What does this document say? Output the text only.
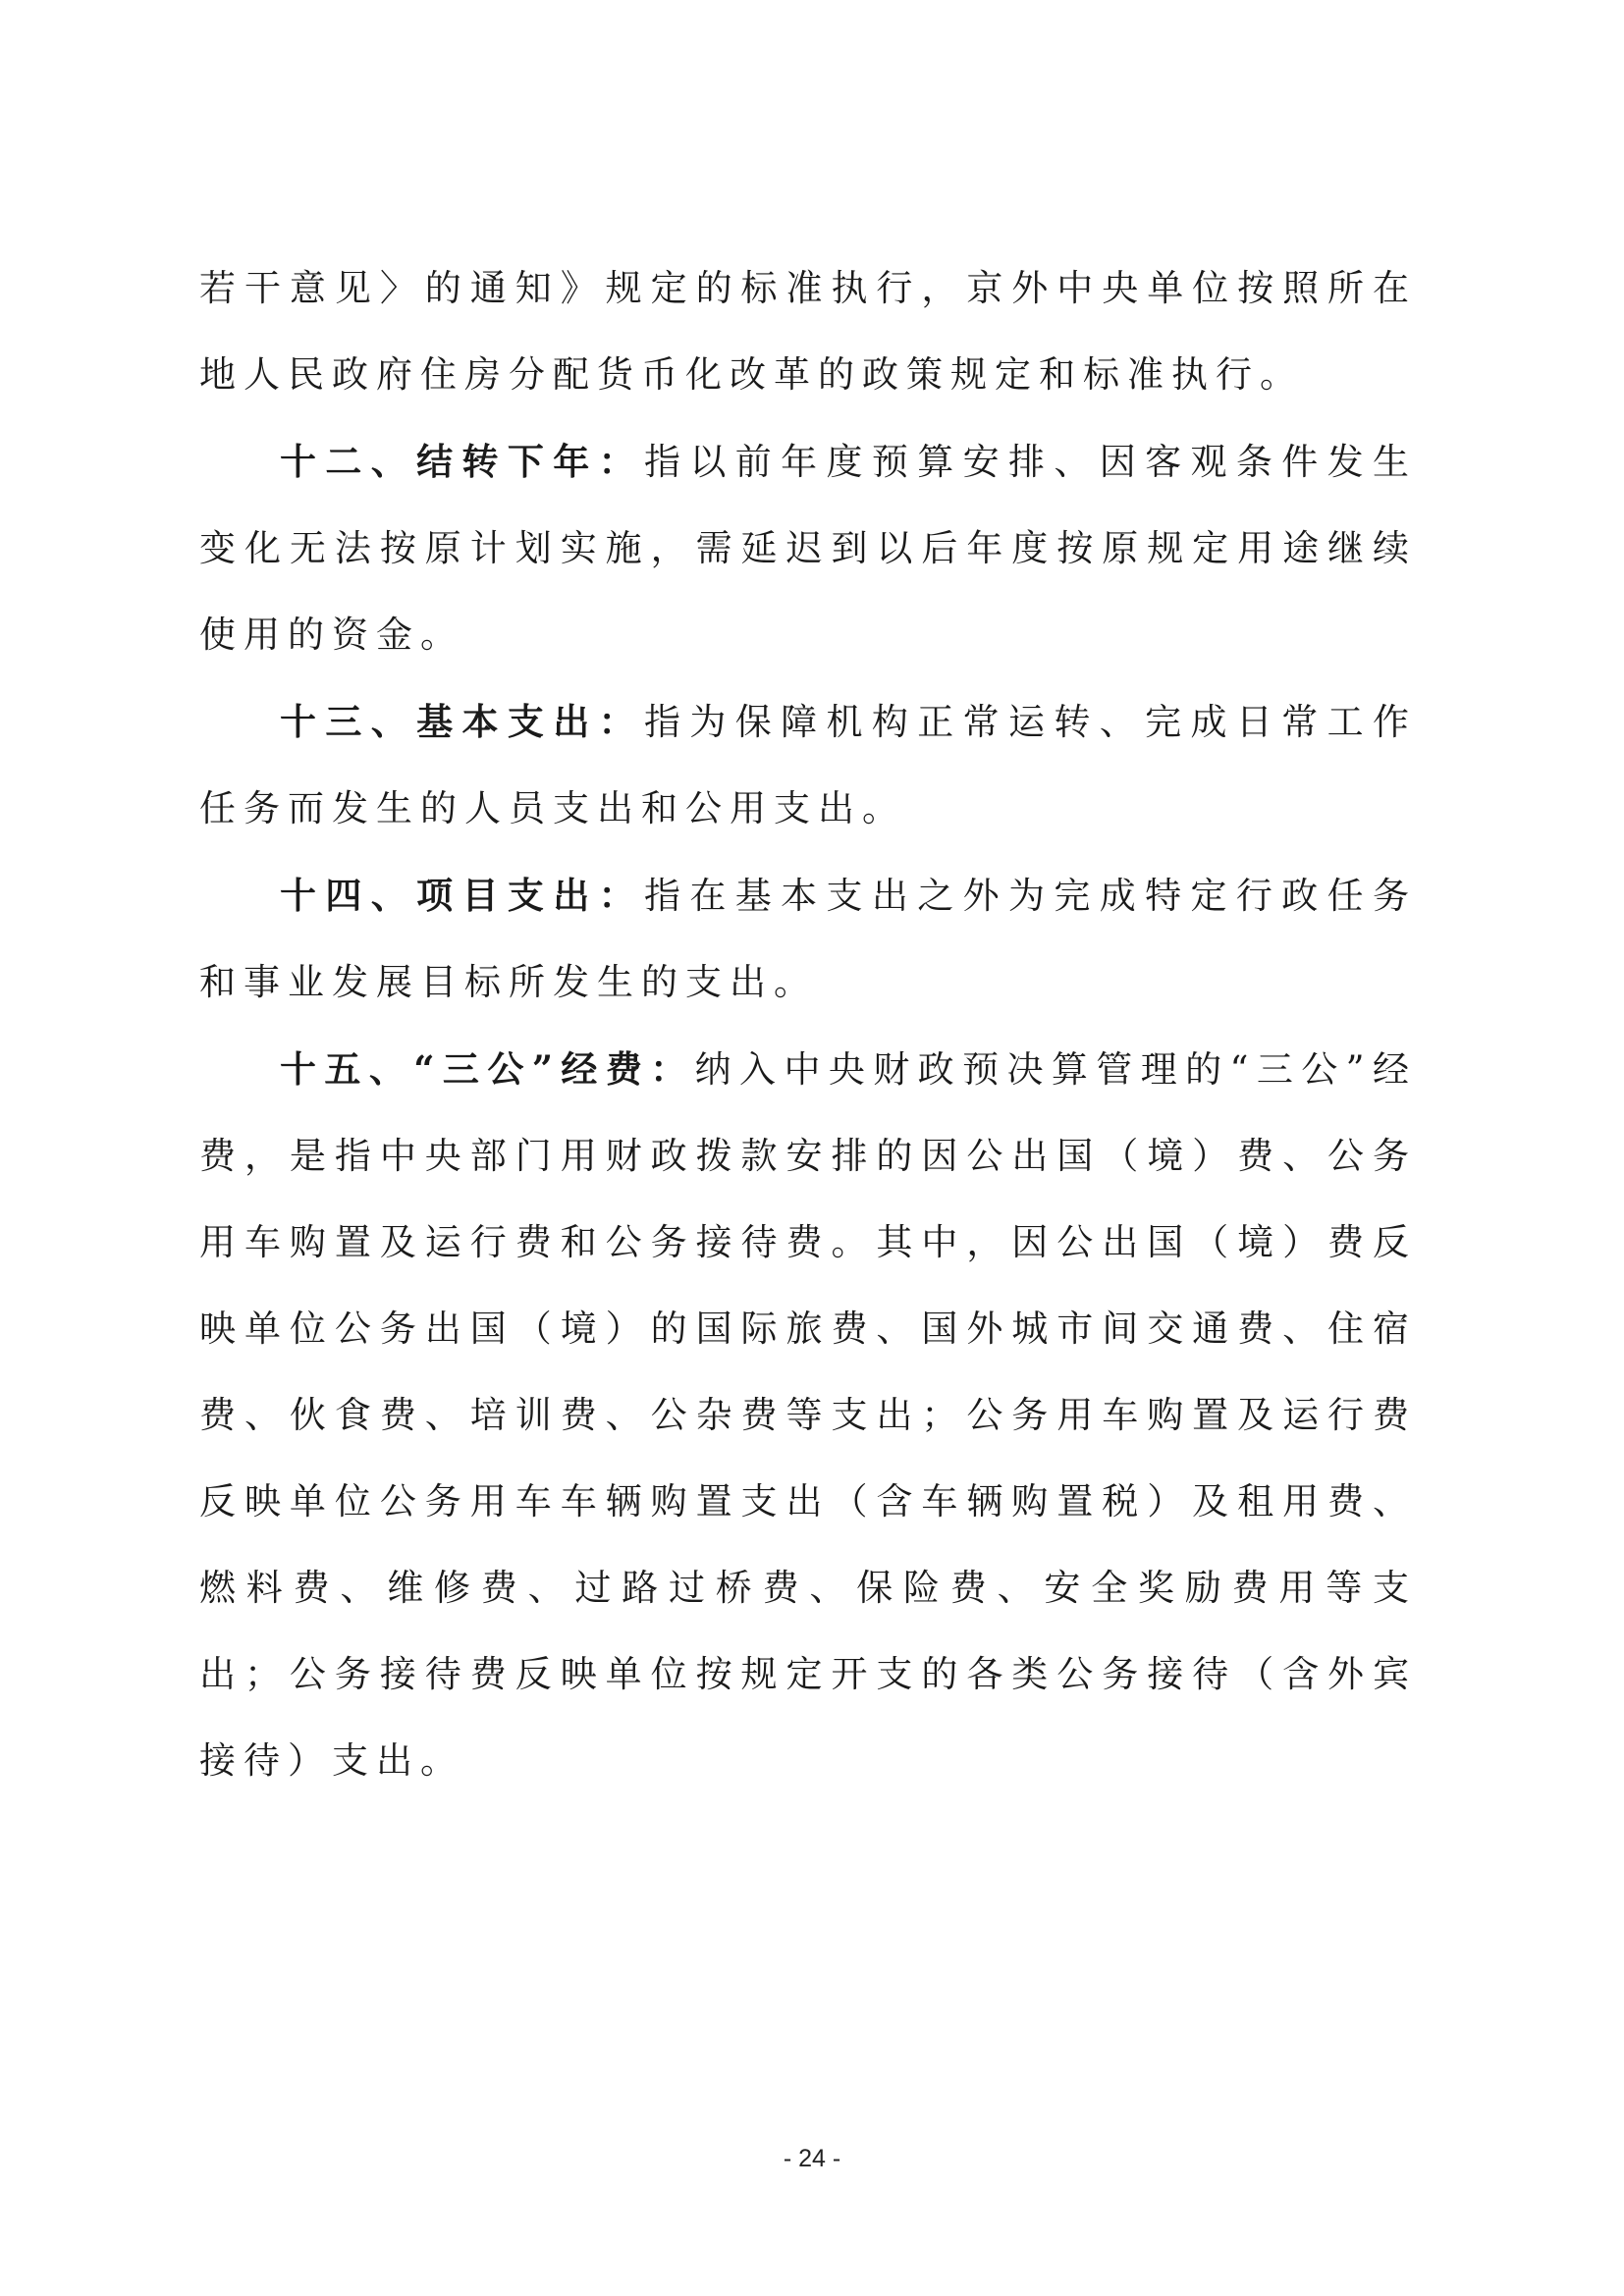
若干意见〉的通知》规定的标准执行，京外中央单位按照所在地人民政府住房分配货币化改革的政策规定和标准执行。

十二、结转下年：指以前年度预算安排、因客观条件发生变化无法按原计划实施，需延迟到以后年度按原规定用途继续使用的资金。

十三、基本支出：指为保障机构正常运转、完成日常工作任务而发生的人员支出和公用支出。

十四、项目支出：指在基本支出之外为完成特定行政任务和事业发展目标所发生的支出。

十五、“三公”经费：纳入中央财政预决算管理的“三公”经费，是指中央部门用财政拨款安排的因公出国（境）费、公务用车购置及运行费和公务接待费。其中，因公出国（境）费反映单位公务出国（境）的国际旅费、国外城市间交通费、住宿费、伙食费、培训费、公杂费等支出；公务用车购置及运行费反映单位公务用车车辆购置支出（含车辆购置税）及租用费、燃料费、维修费、过路过桥费、保险费、安全奖励费用等支出；公务接待费反映单位按规定开支的各类公务接待（含外宾接待）支出。

- 24 -
